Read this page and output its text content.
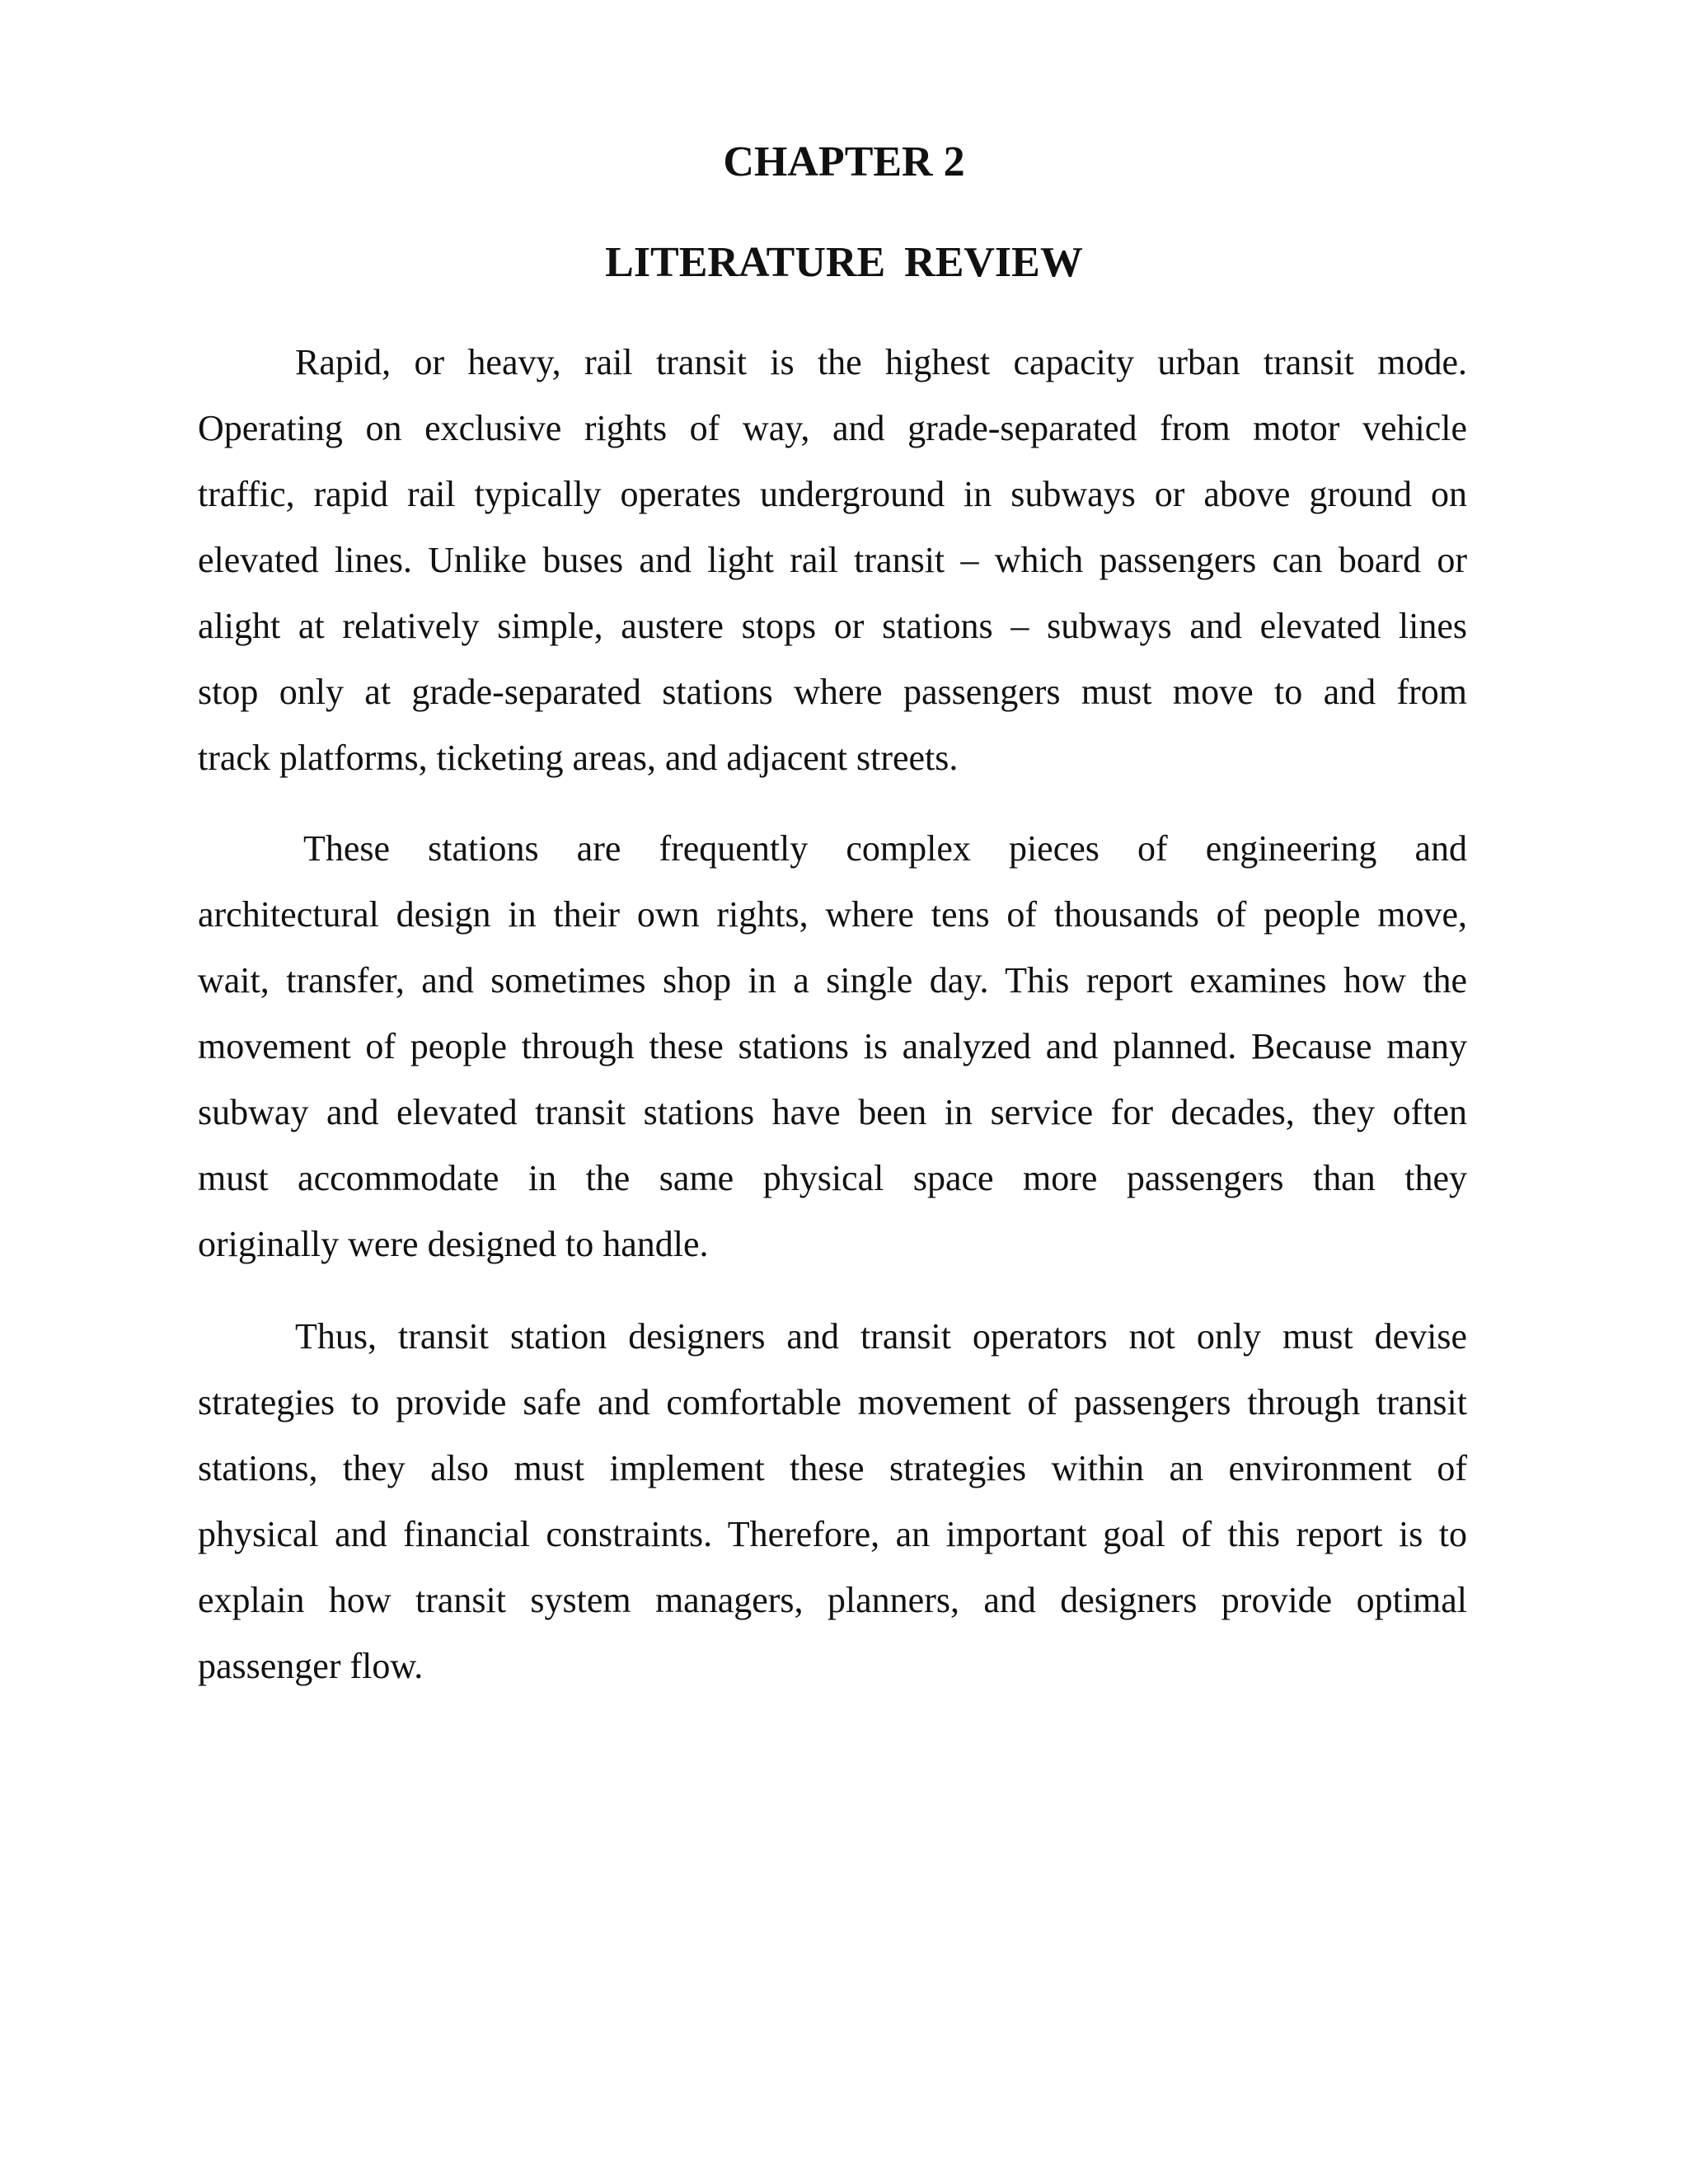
CHAPTER 2
LITERATURE REVIEW
Rapid, or heavy, rail transit is the highest capacity urban transit mode.
Operating on exclusive rights of way, and grade-separated from motor vehicle
traffic, rapid rail typically operates underground in subways or above ground on
elevated lines. Unlike buses and light rail transit – which passengers can board or
alight at relatively simple, austere stops or stations – subways and elevated lines
stop only at grade-separated stations where passengers must move to and from
track platforms, ticketing areas, and adjacent streets.
These stations are frequently complex pieces of engineering and
architectural design in their own rights, where tens of thousands of people move,
wait, transfer, and sometimes shop in a single day. This report examines how the
movement of people through these stations is analyzed and planned. Because many
subway and elevated transit stations have been in service for decades, they often
must accommodate in the same physical space more passengers than they
originally were designed to handle.
Thus, transit station designers and transit operators not only must devise
strategies to provide safe and comfortable movement of passengers through transit
stations, they also must implement these strategies within an environment of
physical and financial constraints. Therefore, an important goal of this report is to
explain how transit system managers, planners, and designers provide optimal
passenger flow.
